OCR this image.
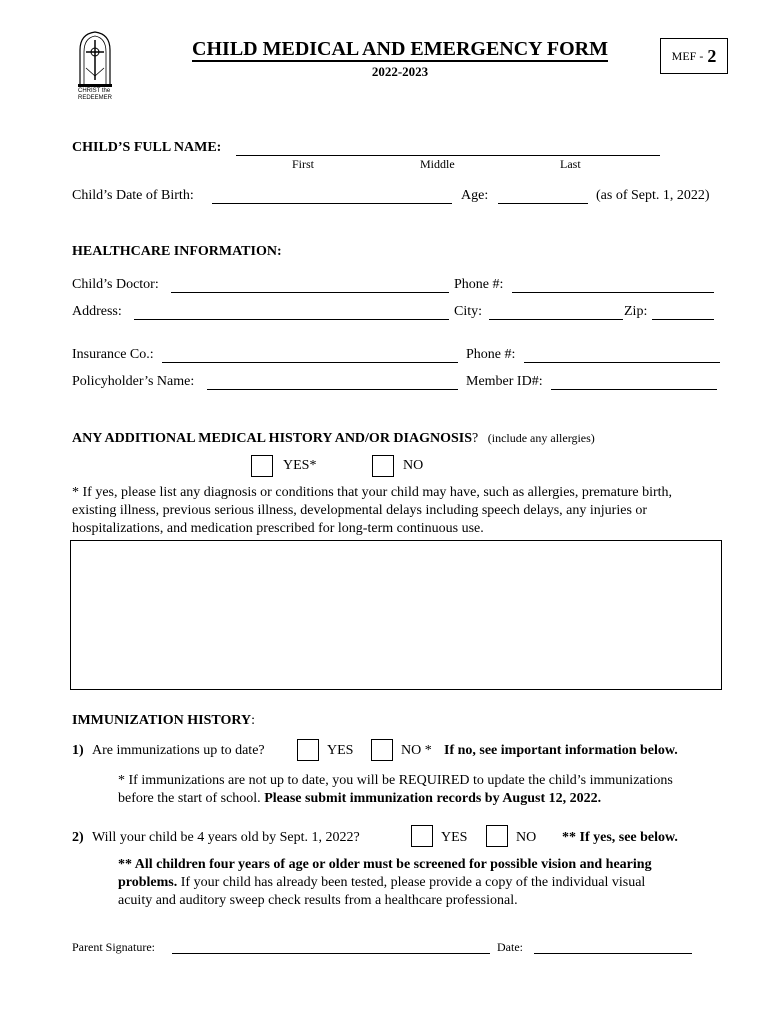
CHRIST the
REDEEMER
CHILD MEDICAL AND EMERGENCY FORM
2022-2023
MEF - 2
CHILD’S FULL NAME:
First	Middle	Last
Child’s Date of Birth:	Age:	(as of Sept. 1, 2022)
HEALTHCARE INFORMATION:
Child’s Doctor:	Phone #:
Address:	City:	Zip:
Insurance Co.:	Phone #:
Policyholder’s Name:	Member ID#:
ANY ADDITIONAL MEDICAL HISTORY AND/OR DIAGNOSIS? (include any allergies)
YES*	NO
* If yes, please list any diagnosis or conditions that your child may have, such as allergies, premature birth,
existing illness, previous serious illness, developmental delays including speech delays, any injuries or
hospitalizations, and medication prescribed for long-term continuous use.
IMMUNIZATION HISTORY:
1) Are immunizations up to date?	YES	NO * If no, see important information below.
* If immunizations are not up to date, you will be REQUIRED to update the child’s immunizations
before the start of school. Please submit immunization records by August 12, 2022.
2) Will your child be 4 years old by Sept. 1, 2022?	YES	NO ** If yes, see below.
** All children four years of age or older must be screened for possible vision and hearing
problems. If your child has already been tested, please provide a copy of the individual visual
acuity and auditory sweep check results from a healthcare professional.
Parent Signature:	Date:
